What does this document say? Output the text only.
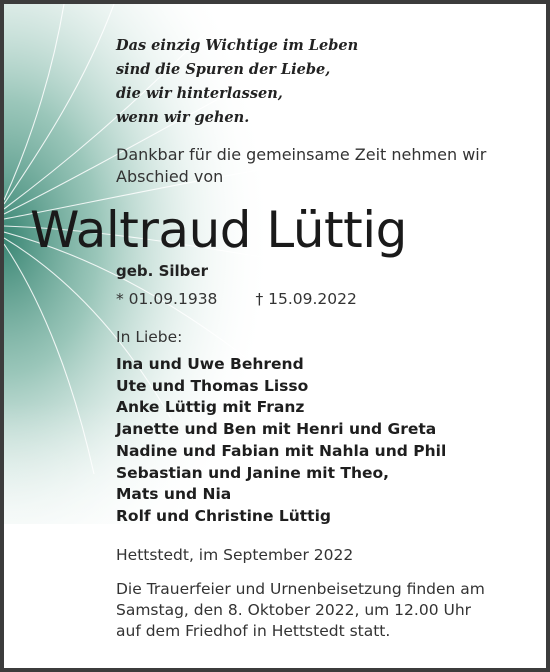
Das einzig Wichtige im Leben
sind die Spuren der Liebe,
die wir hinterlassen,
wenn wir gehen.
Dankbar für die gemeinsame Zeit nehmen wir Abschied von
Waltraud Lüttig
geb. Silber
* 01.09.1938 † 15.09.2022
In Liebe:
Ina und Uwe Behrend
Ute und Thomas Lisso
Anke Lüttig mit Franz
Janette und Ben mit Henri und Greta
Nadine und Fabian mit Nahla und Phil
Sebastian und Janine mit Theo,
Mats und Nia
Rolf und Christine Lüttig
Hettstedt, im September 2022
Die Trauerfeier und Urnenbeisetzung finden am
Samstag, den 8. Oktober 2022, um 12.00 Uhr
auf dem Friedhof in Hettstedt statt.
